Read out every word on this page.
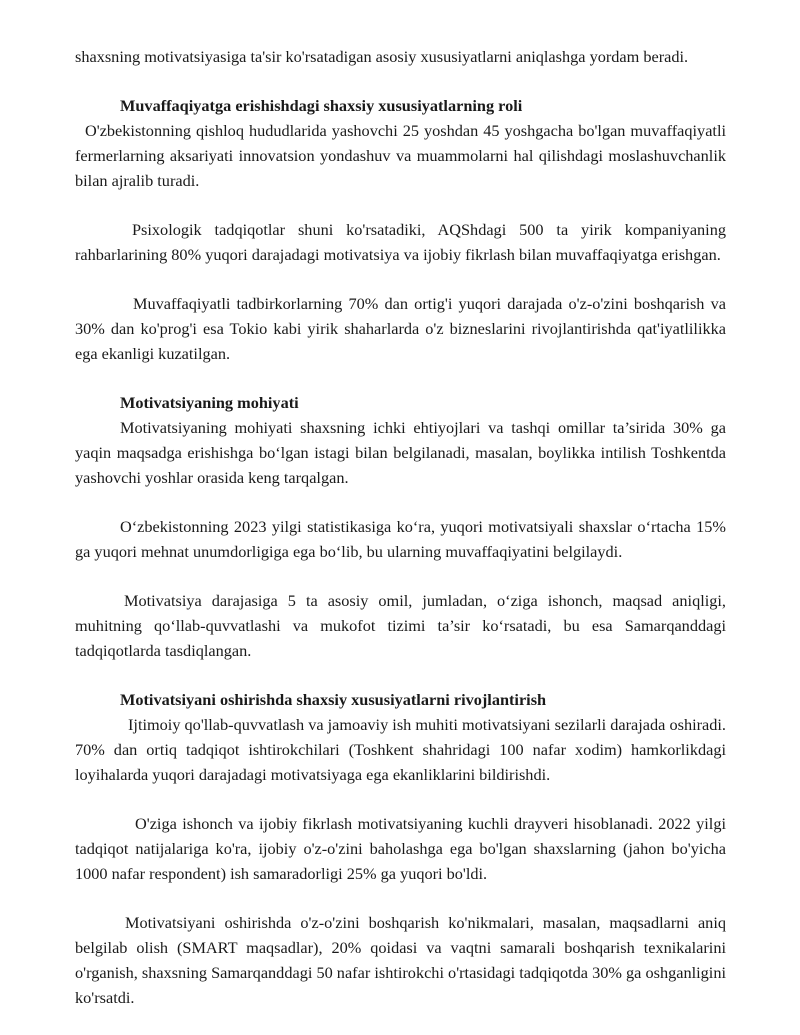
shaxsning motivatsiyasiga ta'sir ko'rsatadigan asosiy xususiyatlarni aniqlashga yordam beradi.

Muvaffaqiyatga erishishdagi shaxsiy xususiyatlarning roli

O'zbekistonning qishloq hududlarida yashovchi 25 yoshdan 45 yoshgacha bo'lgan muvaffaqiyatli fermerlarning aksariyati innovatsion yondashuv va muammolarni hal qilishdagi moslashuvchanlik bilan ajralib turadi.

Psixologik tadqiqotlar shuni ko'rsatadiki, AQShdagi 500 ta yirik kompaniyaning rahbarlarining 80% yuqori darajadagi motivatsiya va ijobiy fikrlash bilan muvaffaqiyatga erishgan.

Muvaffaqiyatli tadbirkorlarning 70% dan ortig'i yuqori darajada o'z-o'zini boshqarish va 30% dan ko'prog'i esa Tokio kabi yirik shaharlarda o'z bizneslarini rivojlantirishda qat'iyatlilikka ega ekanligi kuzatilgan.

Motivatsiyaning mohiyati

Motivatsiyaning mohiyati shaxsning ichki ehtiyojlari va tashqi omillar ta’sirida 30% ga yaqin maqsadga erishishga bo‘lgan istagi bilan belgilanadi, masalan, boylikka intilish Toshkentda yashovchi yoshlar orasida keng tarqalgan.

O‘zbekistonning 2023 yilgi statistikasiga ko‘ra, yuqori motivatsiyali shaxslar o‘rtacha 15% ga yuqori mehnat unumdorligiga ega bo‘lib, bu ularning muvaffaqiyatini belgilaydi.

Motivatsiya darajasiga 5 ta asosiy omil, jumladan, o‘ziga ishonch, maqsad aniqligi, muhitning qo‘llab-quvvatlashi va mukofot tizimi ta’sir ko‘rsatadi, bu esa Samarqanddagi tadqiqotlarda tasdiqlangan.

Motivatsiyani oshirishda shaxsiy xususiyatlarni rivojlantirish

Ijtimoiy qo'llab-quvvatlash va jamoaviy ish muhiti motivatsiyani sezilarli darajada oshiradi. 70% dan ortiq tadqiqot ishtirokchilari (Toshkent shahridagi 100 nafar xodim) hamkorlikdagi loyihalarda yuqori darajadagi motivatsiyaga ega ekanliklarini bildirishdi.

O'ziga ishonch va ijobiy fikrlash motivatsiyaning kuchli drayveri hisoblanadi. 2022 yilgi tadqiqot natijalariga ko'ra, ijobiy o'z-o'zini baholashga ega bo'lgan shaxslarning (jahon bo'yicha 1000 nafar respondent) ish samaradorligi 25% ga yuqori bo'ldi.

Motivatsiyani oshirishda o'z-o'zini boshqarish ko'nikmalari, masalan, maqsadlarni aniq belgilab olish (SMART maqsadlar), 20% qoidasi va vaqtni samarali boshqarish texnikalarini o'rganish, shaxsning Samarqanddagi 50 nafar ishtirokchi o'rtasidagi tadqiqotda 30% ga oshganligini ko'rsatdi.
